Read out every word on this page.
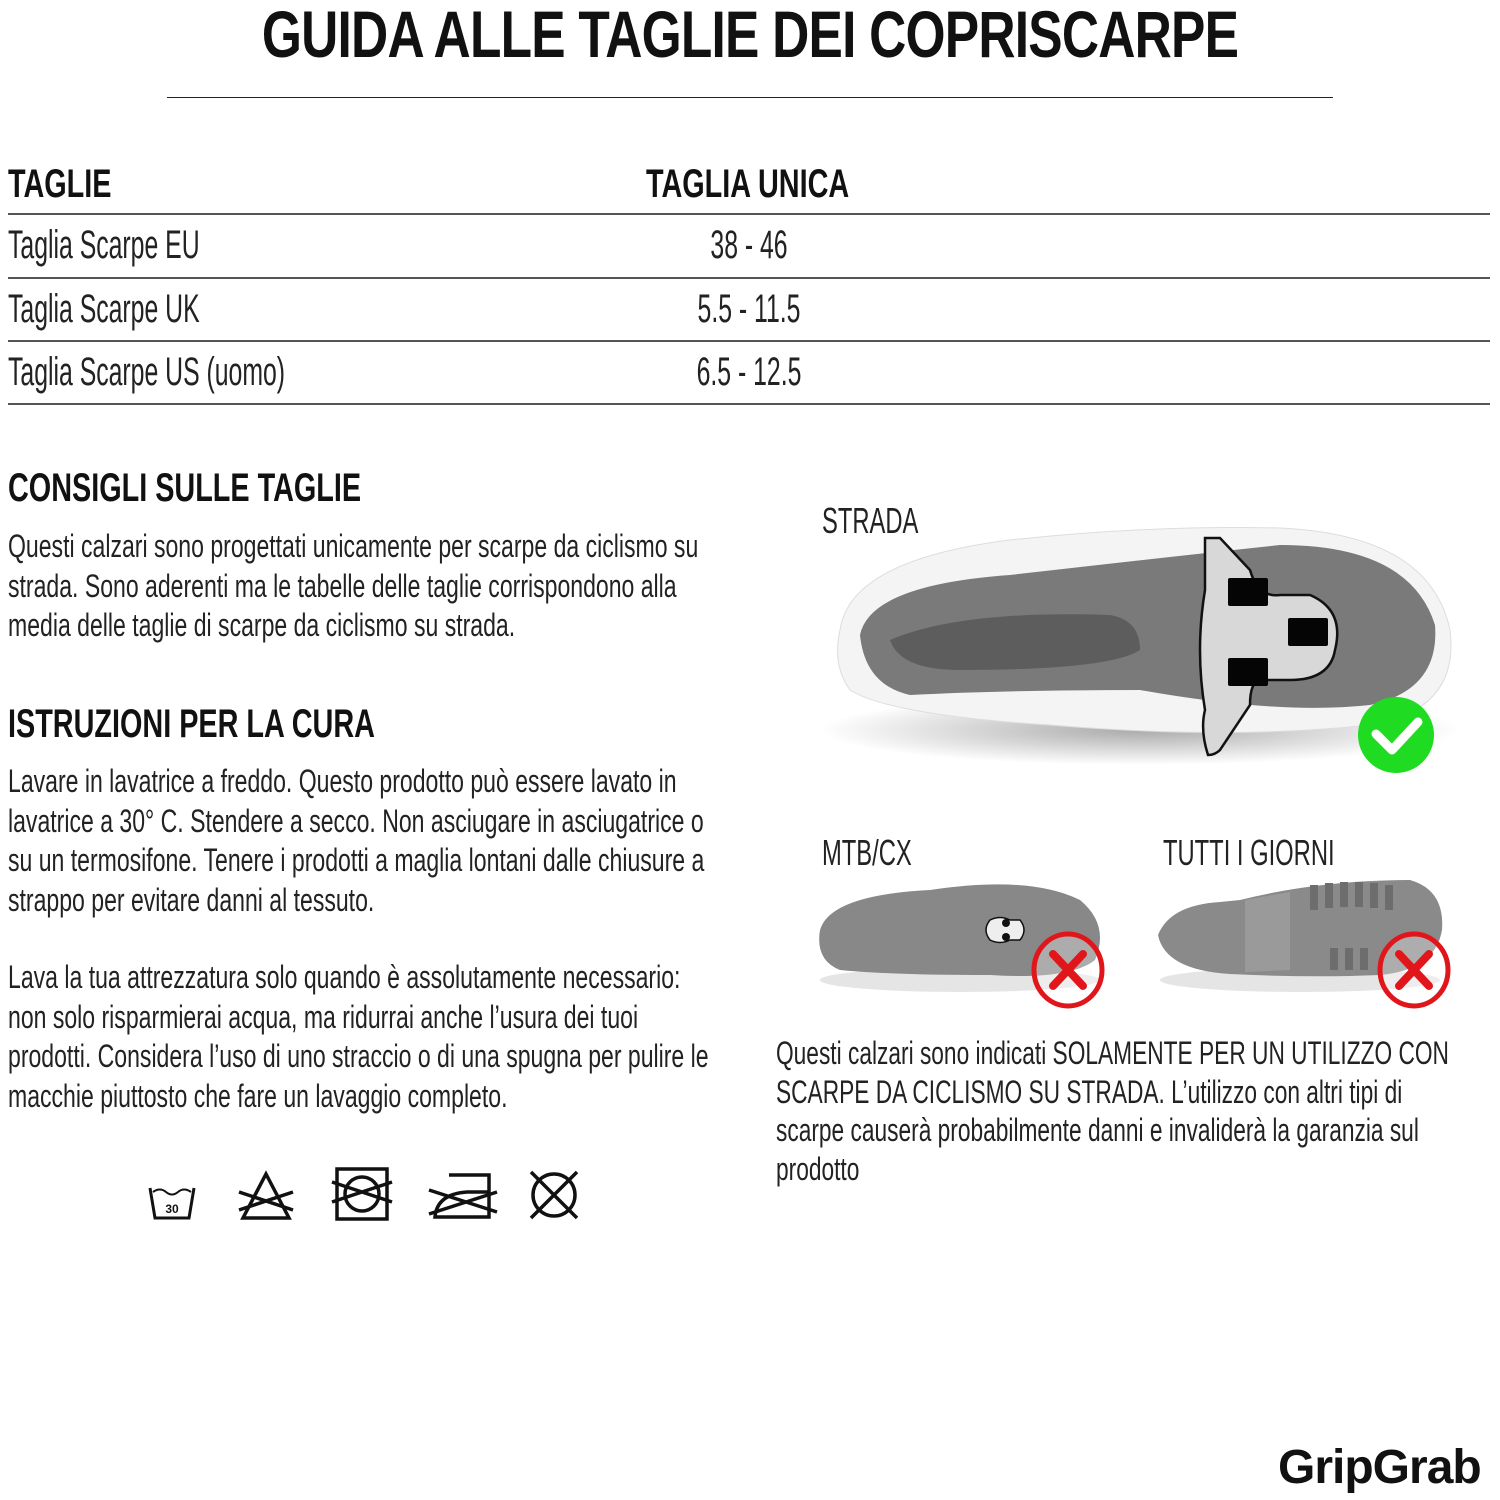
GUIDA ALLE TAGLIE DEI COPRISCARPE
TAGLIE	TAGLIA UNICA
Taglia Scarpe EU	38 - 46
Taglia Scarpe UK	5.5 - 11.5
Taglia Scarpe US (uomo)	6.5 - 12.5
CONSIGLI SULLE TAGLIE

Questi calzari sono progettati unicamente per scarpe da ciclismo su strada. Sono aderenti ma le tabelle delle taglie corrispondono alla media delle taglie di scarpe da ciclismo su strada.

ISTRUZIONI PER LA CURA

Lavare in lavatrice a freddo. Questo prodotto può essere lavato in lavatrice a 30° C. Stendere a secco. Non asciugare in asciugatrice o su un termosifone. Tenere i prodotti a maglia lontani dalle chiusure a strappo per evitare danni al tessuto.

Lava la tua attrezzatura solo quando è assolutamente necessario: non solo risparmierai acqua, ma ridurrai anche l’usura dei tuoi prodotti. Considera l’uso di uno straccio o di una spugna per pulire le macchie piuttosto che fare un lavaggio completo.

30
STRADA
MTB/CX	TUTTI I GIORNI

Questi calzari sono indicati SOLAMENTE PER UN UTILIZZO CON SCARPE DA CICLISMO SU STRADA. L’utilizzo con altri tipi di scarpe causerà probabilmente danni e invaliderà la garanzia sul prodotto

GripGrab
